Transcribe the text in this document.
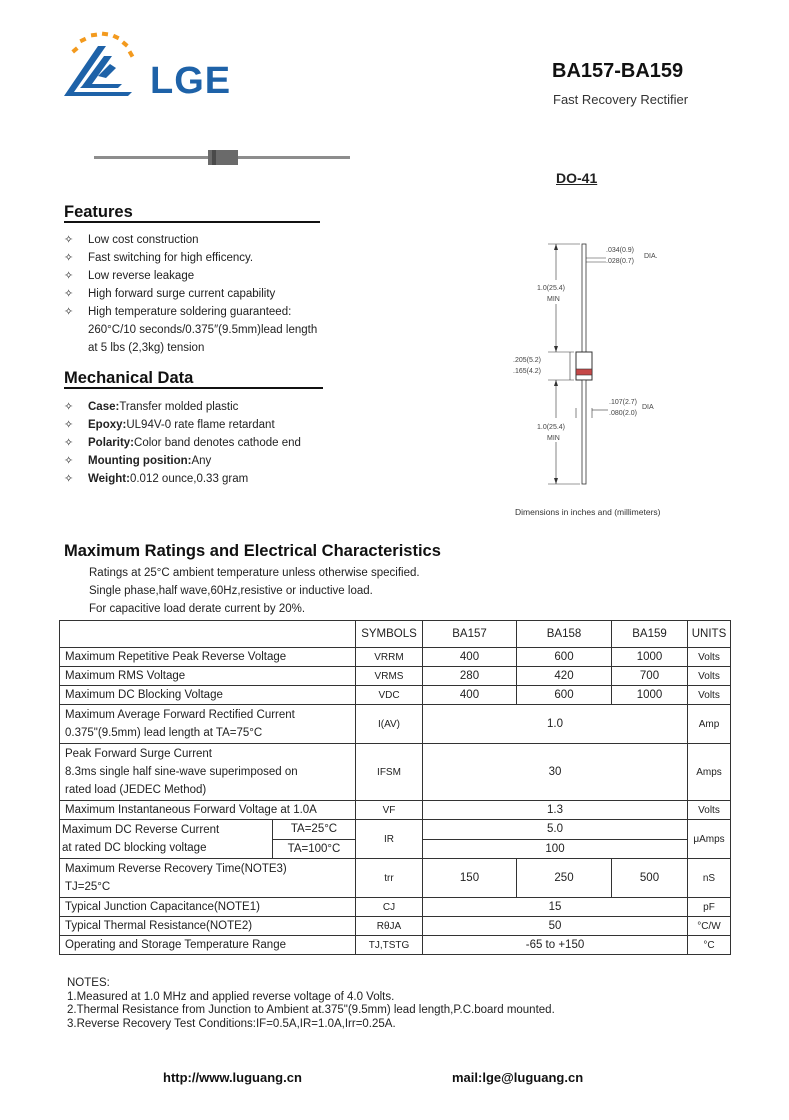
LGE	BA157-BA159
Fast Recovery Rectifier
DO-41
Features
✧	Low cost construction
✧	Fast switching for high efficency.
✧	Low reverse leakage
✧	High forward surge current capability
✧	High temperature soldering guaranteed:
260°C/10 seconds/0.375″(9.5mm)lead length
at 5 lbs (2,3kg) tension
Mechanical Data
✧	Case:Transfer molded plastic
✧	Epoxy:UL94V-0 rate flame retardant
✧	Polarity:Color band denotes cathode end
✧	Mounting position:Any
✧	Weight:0.012 ounce,0.33 gram
.034(0.9)
.028(0.7)
DIA.
1.0(25.4)
MIN
.205(5.2)
.165(4.2)
.107(2.7)
.080(2.0)
DIA
1.0(25.4)
MIN
Dimensions in inches and (millimeters)
Maximum Ratings and Electrical Characteristics
Ratings at 25°C ambient temperature unless otherwise specified.
Single phase,half wave,60Hz,resistive or inductive load.
For capacitive load derate current by 20%.
		SYMBOLS	BA157	BA158	BA159	UNITS
Maximum Repetitive Peak Reverse Voltage		VRRM	400	600	1000	Volts
Maximum RMS Voltage		VRMS	280	420	700	Volts
Maximum DC Blocking Voltage		VDC	400	600	1000	Volts

Maximum Average Forward Rectified Current
0.375"(9.5mm) lead length at TA=75°C		I(AV)	1.0			Amp

Peak Forward Surge Current
8.3ms single half sine-wave superimposed on
rated load (JEDEC Method)		IFSM	30			Amps
Maximum Instantaneous Forward Voltage at 1.0A		VF	1.3			Volts

Maximum DC Reverse Current
at rated DC blocking voltage	TA=25°C	IR	5.0			μAmps
	TA=100°C		100			

Maximum Reverse Recovery Time(NOTE3)
TJ=25°C		trr	150	250	500	nS
Typical Junction Capacitance(NOTE1)		CJ	15			pF
Typical Thermal Resistance(NOTE2)		RθJA	50			°C/W
Operating and Storage Temperature Range		TJ,TSTG	-65 to +150			°C
NOTES:
1.Measured at 1.0 MHz and applied reverse voltage of 4.0 Volts.
2.Thermal Resistance from Junction to Ambient at.375"(9.5mm) lead length,P.C.board mounted.
3.Reverse Recovery Test Conditions:IF=0.5A,IR=1.0A,Irr=0.25A.
http://www.luguang.cn	mail:lge@luguang.cn
